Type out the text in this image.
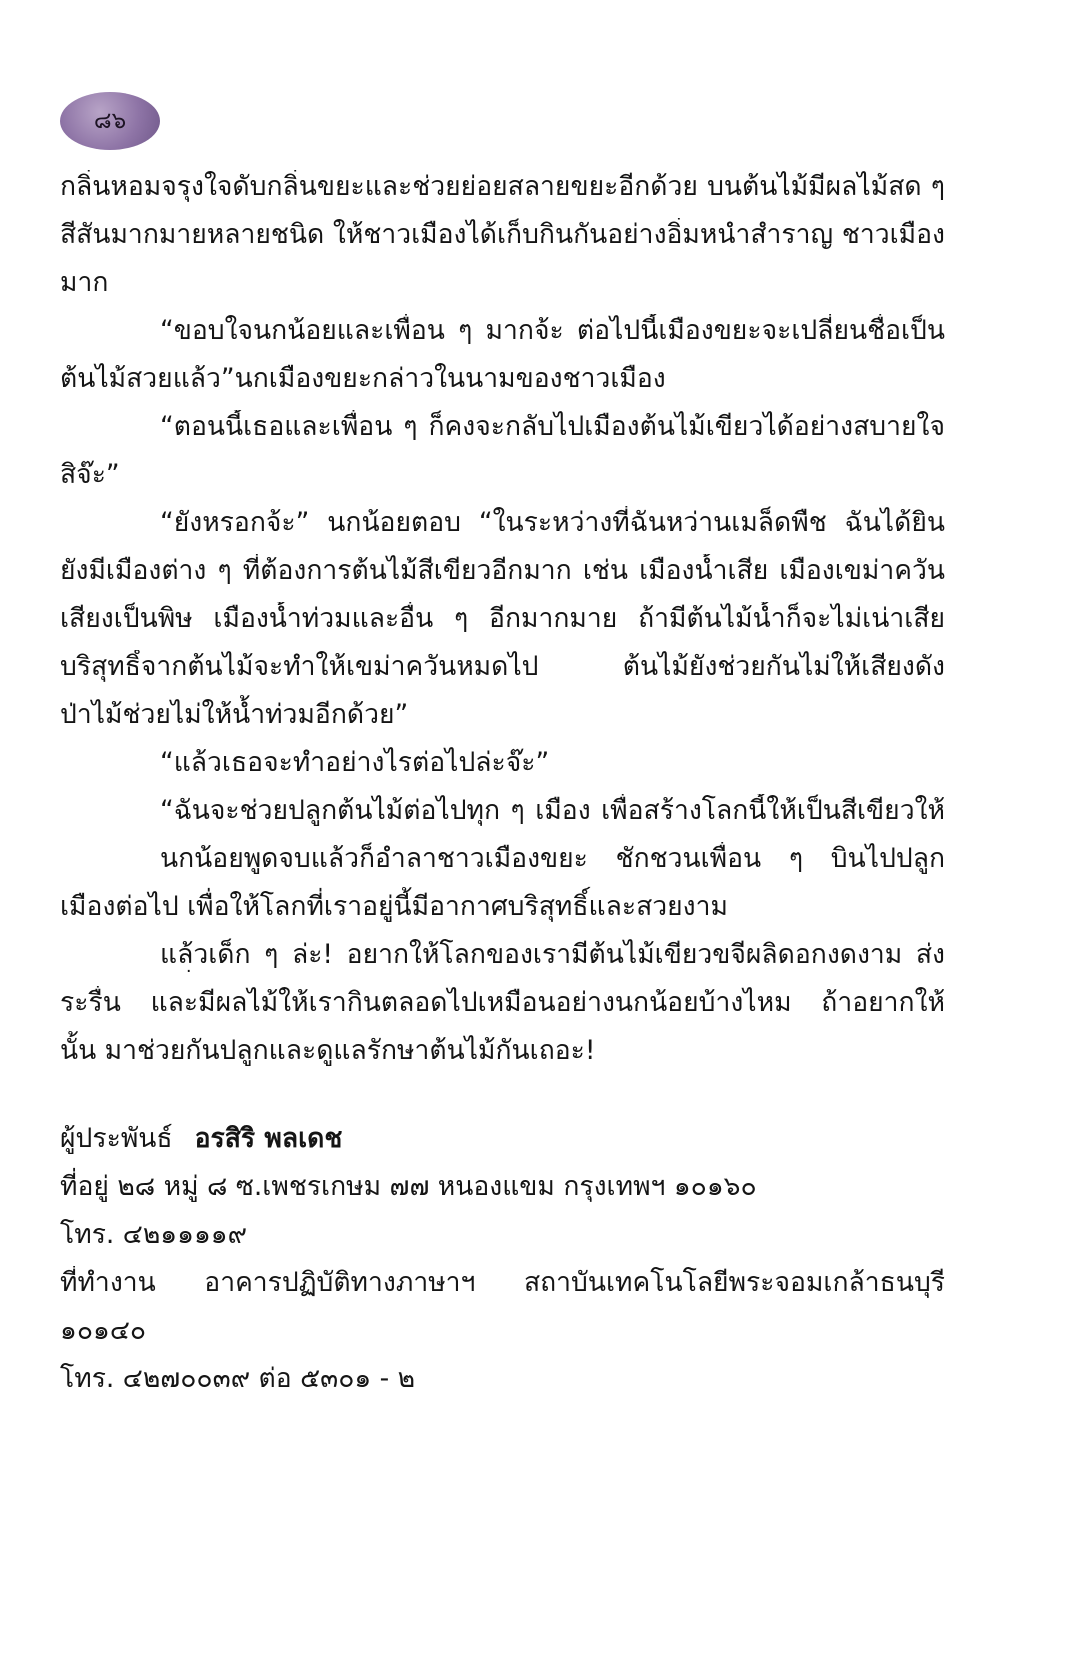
๘๖
กลิ่นหอมจรุงใจดับกลิ่นขยะและช่วยย่อยสลายขยะอีกด้วย บนต้นไม้มีผลไม้สด ๆ
สีสันมากมายหลายชนิด ให้ชาวเมืองได้เก็บกินกันอย่างอิ่มหนำสำราญ ชาวเมือง
มาก
“ขอบใจนกน้อยและเพื่อน ๆ มากจ้ะ ต่อไปนี้เมืองขยะจะเปลี่ยนชื่อเป็น
ต้นไม้สวยแล้ว”นกเมืองขยะกล่าวในนามของชาวเมือง
“ตอนนี้เธอและเพื่อน ๆ ก็คงจะกลับไปเมืองต้นไม้เขียวได้อย่างสบายใจ
สิจ๊ะ”
“ยังหรอกจ้ะ” นกน้อยตอบ “ในระหว่างที่ฉันหว่านเมล็ดพืช ฉันได้ยิน
ยังมีเมืองต่าง ๆ ที่ต้องการต้นไม้สีเขียวอีกมาก เช่น เมืองน้ำเสีย เมืองเขม่าควัน
เสียงเป็นพิษ เมืองน้ำท่วมและอื่น ๆ อีกมากมาย ถ้ามีต้นไม้น้ำก็จะไม่เน่าเสีย
บริสุทธิ์จากต้นไม้จะทำให้เขม่าควันหมดไป ต้นไม้ยังช่วยกันไม่ให้เสียงดัง
ป่าไม้ช่วยไม่ให้น้ำท่วมอีกด้วย”
“แล้วเธอจะทำอย่างไรต่อไปล่ะจ๊ะ”
“ฉันจะช่วยปลูกต้นไม้ต่อไปทุก ๆ เมือง เพื่อสร้างโลกนี้ให้เป็นสีเขียวให้
นกน้อยพูดจบแล้วก็อำลาชาวเมืองขยะ ชักชวนเพื่อน ๆ บินไปปลูก
เมืองต่อไป เพื่อให้โลกที่เราอยู่นี้มีอากาศบริสุทธิ์และสวยงาม
แล้วเด็ก ๆ ล่ะ! อยากให้โลกของเรามีต้นไม้เขียวขจีผลิดอกงดงาม ส่ง
ระรื่น และมีผลไม้ให้เรากินตลอดไปเหมือนอย่างนกน้อยบ้างไหม ถ้าอยากให้
นั้น มาช่วยกันปลูกและดูแลรักษาต้นไม้กันเถอะ!
ผู้ประพันธ์ อรสิริ พลเดช
ที่อยู่ ๒๘ หมู่ ๘ ซ.เพชรเกษม ๗๗ หนองแขม กรุงเทพฯ ๑๐๑๖๐
โทร. ๔๒๑๑๑๑๙
ที่ทำงาน อาคารปฏิบัติทางภาษาฯ สถาบันเทคโนโลยีพระจอมเกล้าธนบุรี
๑๐๑๔๐
โทร. ๔๒๗๐๐๓๙ ต่อ ๕๓๐๑ - ๒
